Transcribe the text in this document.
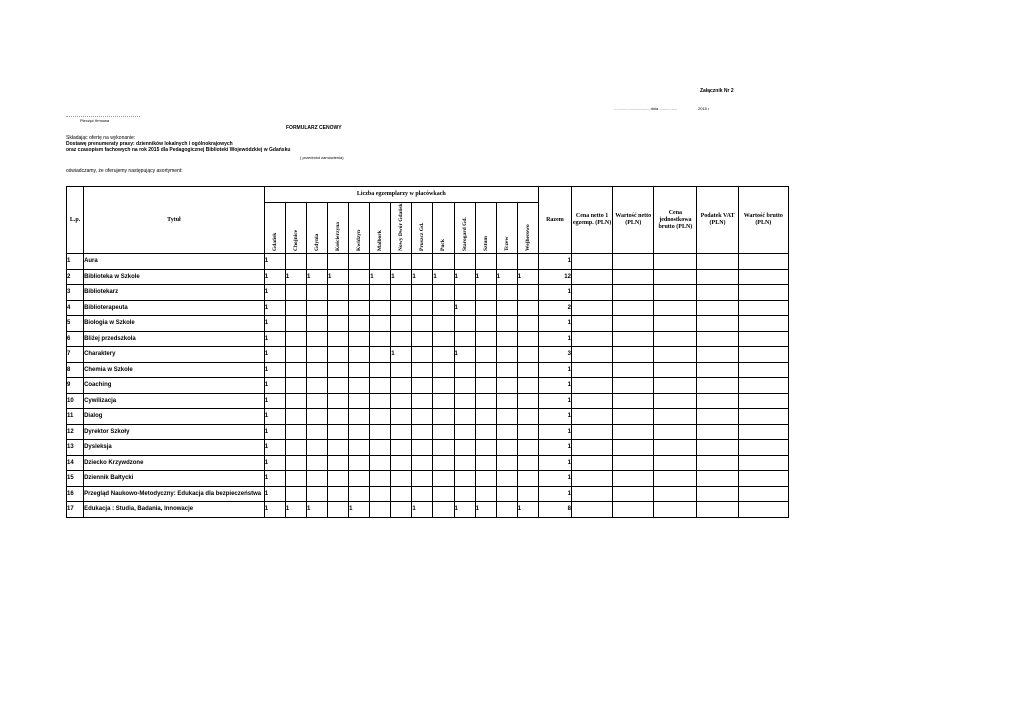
Załącznik Nr 2
..............................., dnia ................	2015 r
Pieczęć firmowa
FORMULARZ CENOWY
Składając ofertę na wykonanie:
Dostawę prenumeraty prasy: dzienników lokalnych i ogólnokrajowych
oraz czasopism fachowych na rok 2015 dla Pedagogicznej Biblioteki Wojewódzkiej w Gdańsku
( przedmiot zamówienia)
oświadczamy, że oferujemy następujący asortyment:
L.p.	Tytuł	Liczba egzemplarzy w placówkach													Razem	Cena netto 1 egzemp. (PLN)	Wartość netto (PLN)	Cena jednostkowa brutto (PLN)	Podatek VAT (PLN)	Wartość brutto (PLN)

		Gdańsk	Chojnice	Gdynia	Kościerzyna	Kwidzyn	Malbork	Nowy Dwór Gdański	Pruszcz Gd.	Puck	Starogard Gd.	Sztum	Tczew	Wejherowo						

1	Aura	1													1					
2	Biblioteka w Szkole	1	1	1	1		1	1	1	1	1	1	1	1	12					
3	Bibliotekarz	1													1					
4	Biblioterapeuta	1									1				2					
5	Biologia w Szkole	1													1					
6	Bliżej przedszkola	1													1					
7	Charaktery	1						1			1				3					
8	Chemia w Szkole	1													1					
9	Coaching	1													1					
10	Cywilizacja	1													1					
11	Dialog	1													1					
12	Dyrektor Szkoły	1													1					
13	Dysleksja	1													1					
14	Dziecko Krzywdzone	1													1					
15	Dziennik Bałtycki	1													1					
16	Przegląd Naukowo-Metodyczny: Edukacja dla bezpieczeństwa	1													1					
17	Edukacja : Studia, Badania, Innowacje	1	1	1		1			1		1	1		1	8					
